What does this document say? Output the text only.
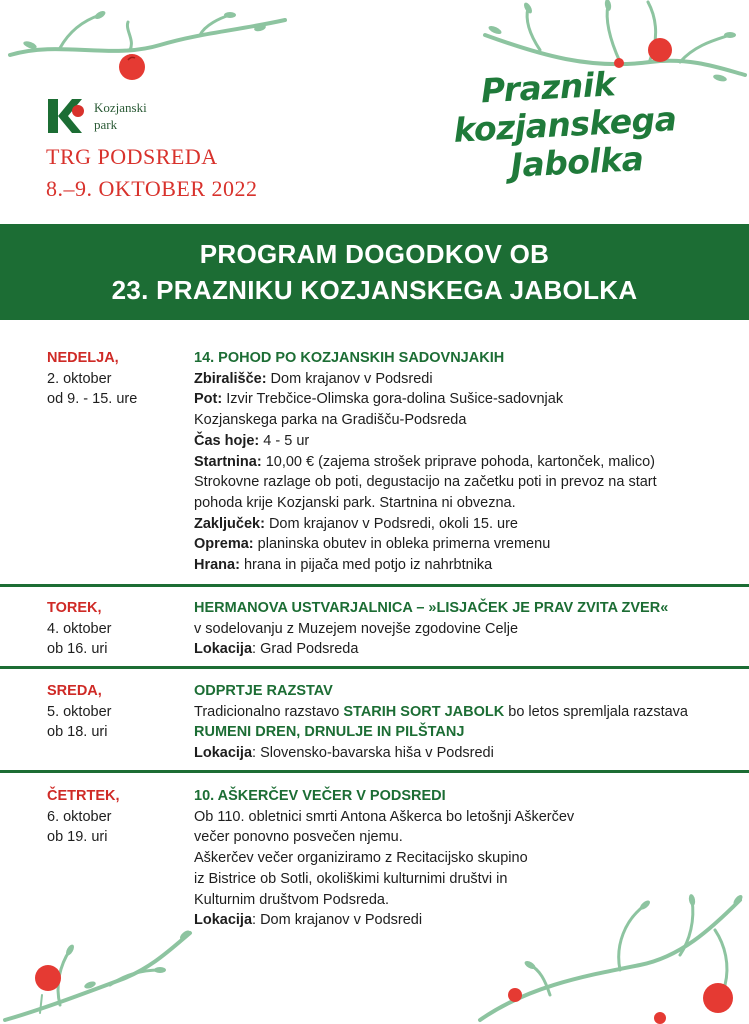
Kozjanski
park
TRG PODSREDA
8.–9. OKTOBER 2022
Praznik
kozjanskega
Jabolka
PROGRAM DOGODKOV OB
23. PRAZNIKU KOZJANSKEGA JABOLKA
NEDELJA,
2. oktober
od 9. - 15. ure
14. POHOD PO KOZJANSKIH SADOVNJAKIH
Zbirališče: Dom krajanov v Podsredi
Pot: Izvir Trebčice-Olimska gora-dolina Sušice-sadovnjak
Kozjanskega parka na Gradišču-Podsreda
Čas hoje: 4 - 5 ur
Startnina: 10,00 € (zajema strošek priprave pohoda, kartonček, malico)
Strokovne razlage ob poti, degustacijo na začetku poti in prevoz na start
pohoda krije Kozjanski park. Startnina ni obvezna.
Zaključek: Dom krajanov v Podsredi, okoli 15. ure
Oprema: planinska obutev in obleka primerna vremenu
Hrana: hrana in pijača med potjo iz nahrbtnika
TOREK,
4. oktober
ob 16. uri
HERMANOVA USTVARJALNICA – »LISJAČEK JE PRAV ZVITA ZVER«
v sodelovanju z Muzejem novejše zgodovine Celje
Lokacija: Grad Podsreda
SREDA,
5. oktober
ob 18. uri
ODPRTJE RAZSTAV
Tradicionalno razstavo STARIH SORT JABOLK bo letos spremljala razstava
RUMENI DREN, DRNULJE IN PILŠTANJ
Lokacija: Slovensko-bavarska hiša v Podsredi
ČETRTEK,
6. oktober
ob 19. uri
10. AŠKERČEV VEČER V PODSREDI
Ob 110. obletnici smrti Antona Aškerca bo letošnji Aškerčev
večer ponovno posvečen njemu.
Aškerčev večer organiziramo z Recitacijsko skupino
iz Bistrice ob Sotli, okoliškimi kulturnimi društvi in
Kulturnim društvom Podsreda.
Lokacija: Dom krajanov v Podsredi
